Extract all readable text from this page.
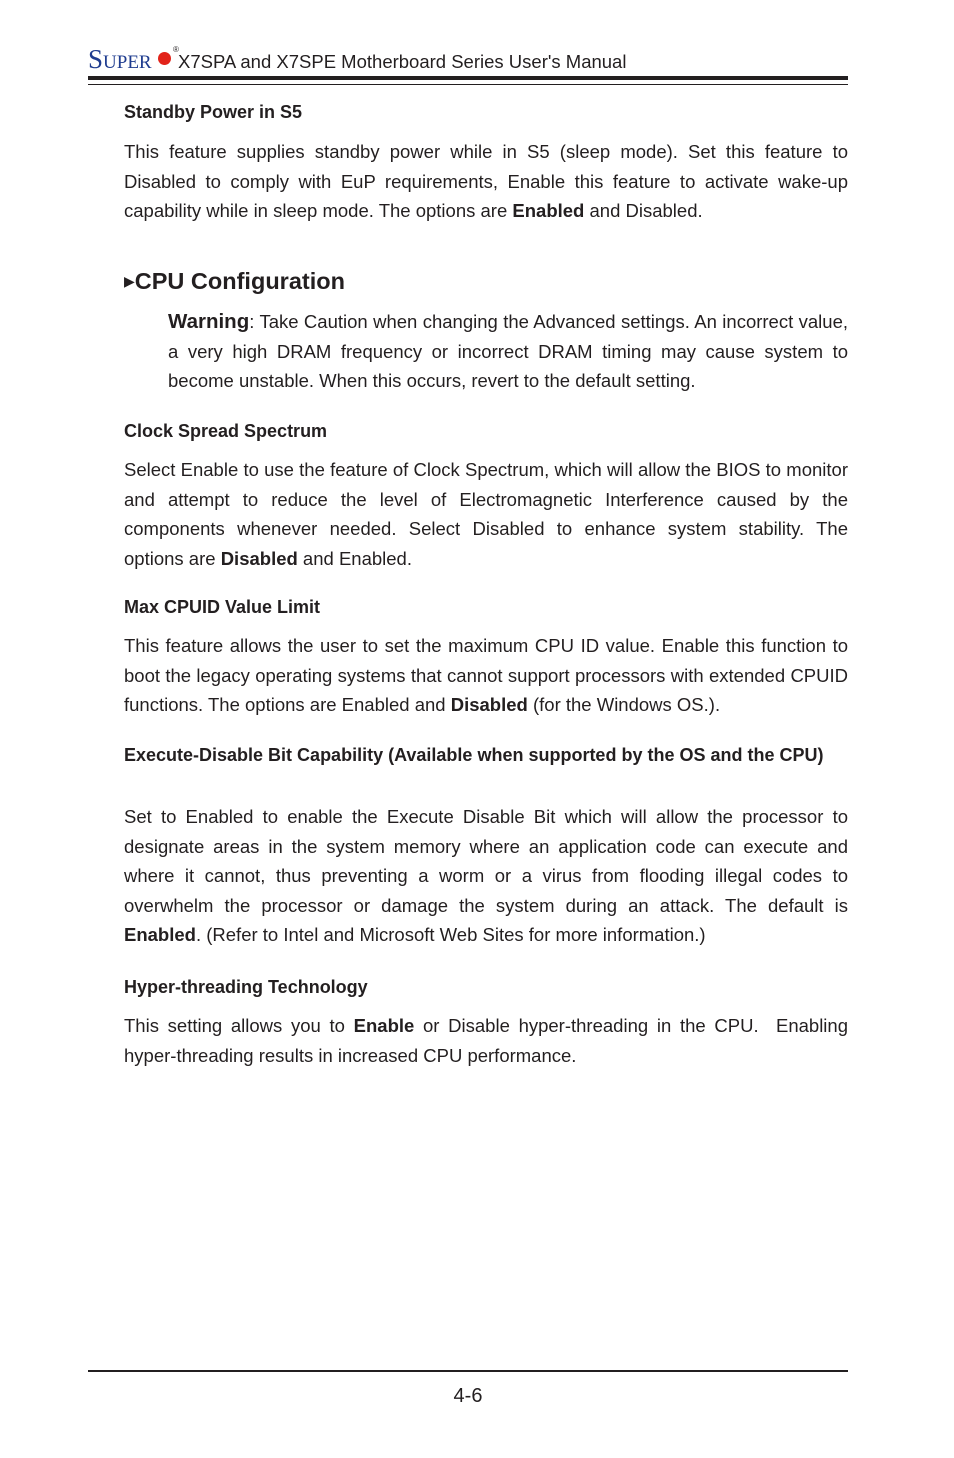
SUPER
®
X7SPA and X7SPE Motherboard Series User's Manual
Standby Power in S5

This feature supplies standby power while in S5 (sleep mode). Set this feature to Disabled to comply with EuP requirements, Enable this feature to activate wake-up capability while in sleep mode. The options are Enabled and Disabled.

▶CPU Configuration

Warning: Take Caution when changing the Advanced settings. An incorrect value, a very high DRAM frequency or incorrect DRAM timing may cause system to become unstable. When this occurs, revert to the default setting.

Clock Spread Spectrum

Select Enable to use the feature of Clock Spectrum, which will allow the BIOS to monitor and attempt to reduce the level of Electromagnetic Interference caused by the components whenever needed. Select Disabled to enhance system stability. The options are Disabled and Enabled.

Max CPUID Value Limit

This feature allows the user to set the maximum CPU ID value. Enable this function to boot the legacy operating systems that cannot support processors with extended CPUID functions. The options are Enabled and Disabled (for the Windows OS.).

Execute-Disable Bit Capability (Available when supported by the OS and the CPU)

Set to Enabled to enable the Execute Disable Bit which will allow the processor to designate areas in the system memory where an application code can execute and where it cannot, thus preventing a worm or a virus from flooding illegal codes to overwhelm the processor or damage the system during an attack. The default is Enabled. (Refer to Intel and Microsoft Web Sites for more information.)

Hyper-threading Technology

This setting allows you to Enable or Disable hyper-threading in the CPU.  Enabling hyper-threading results in increased CPU performance.

4-6
